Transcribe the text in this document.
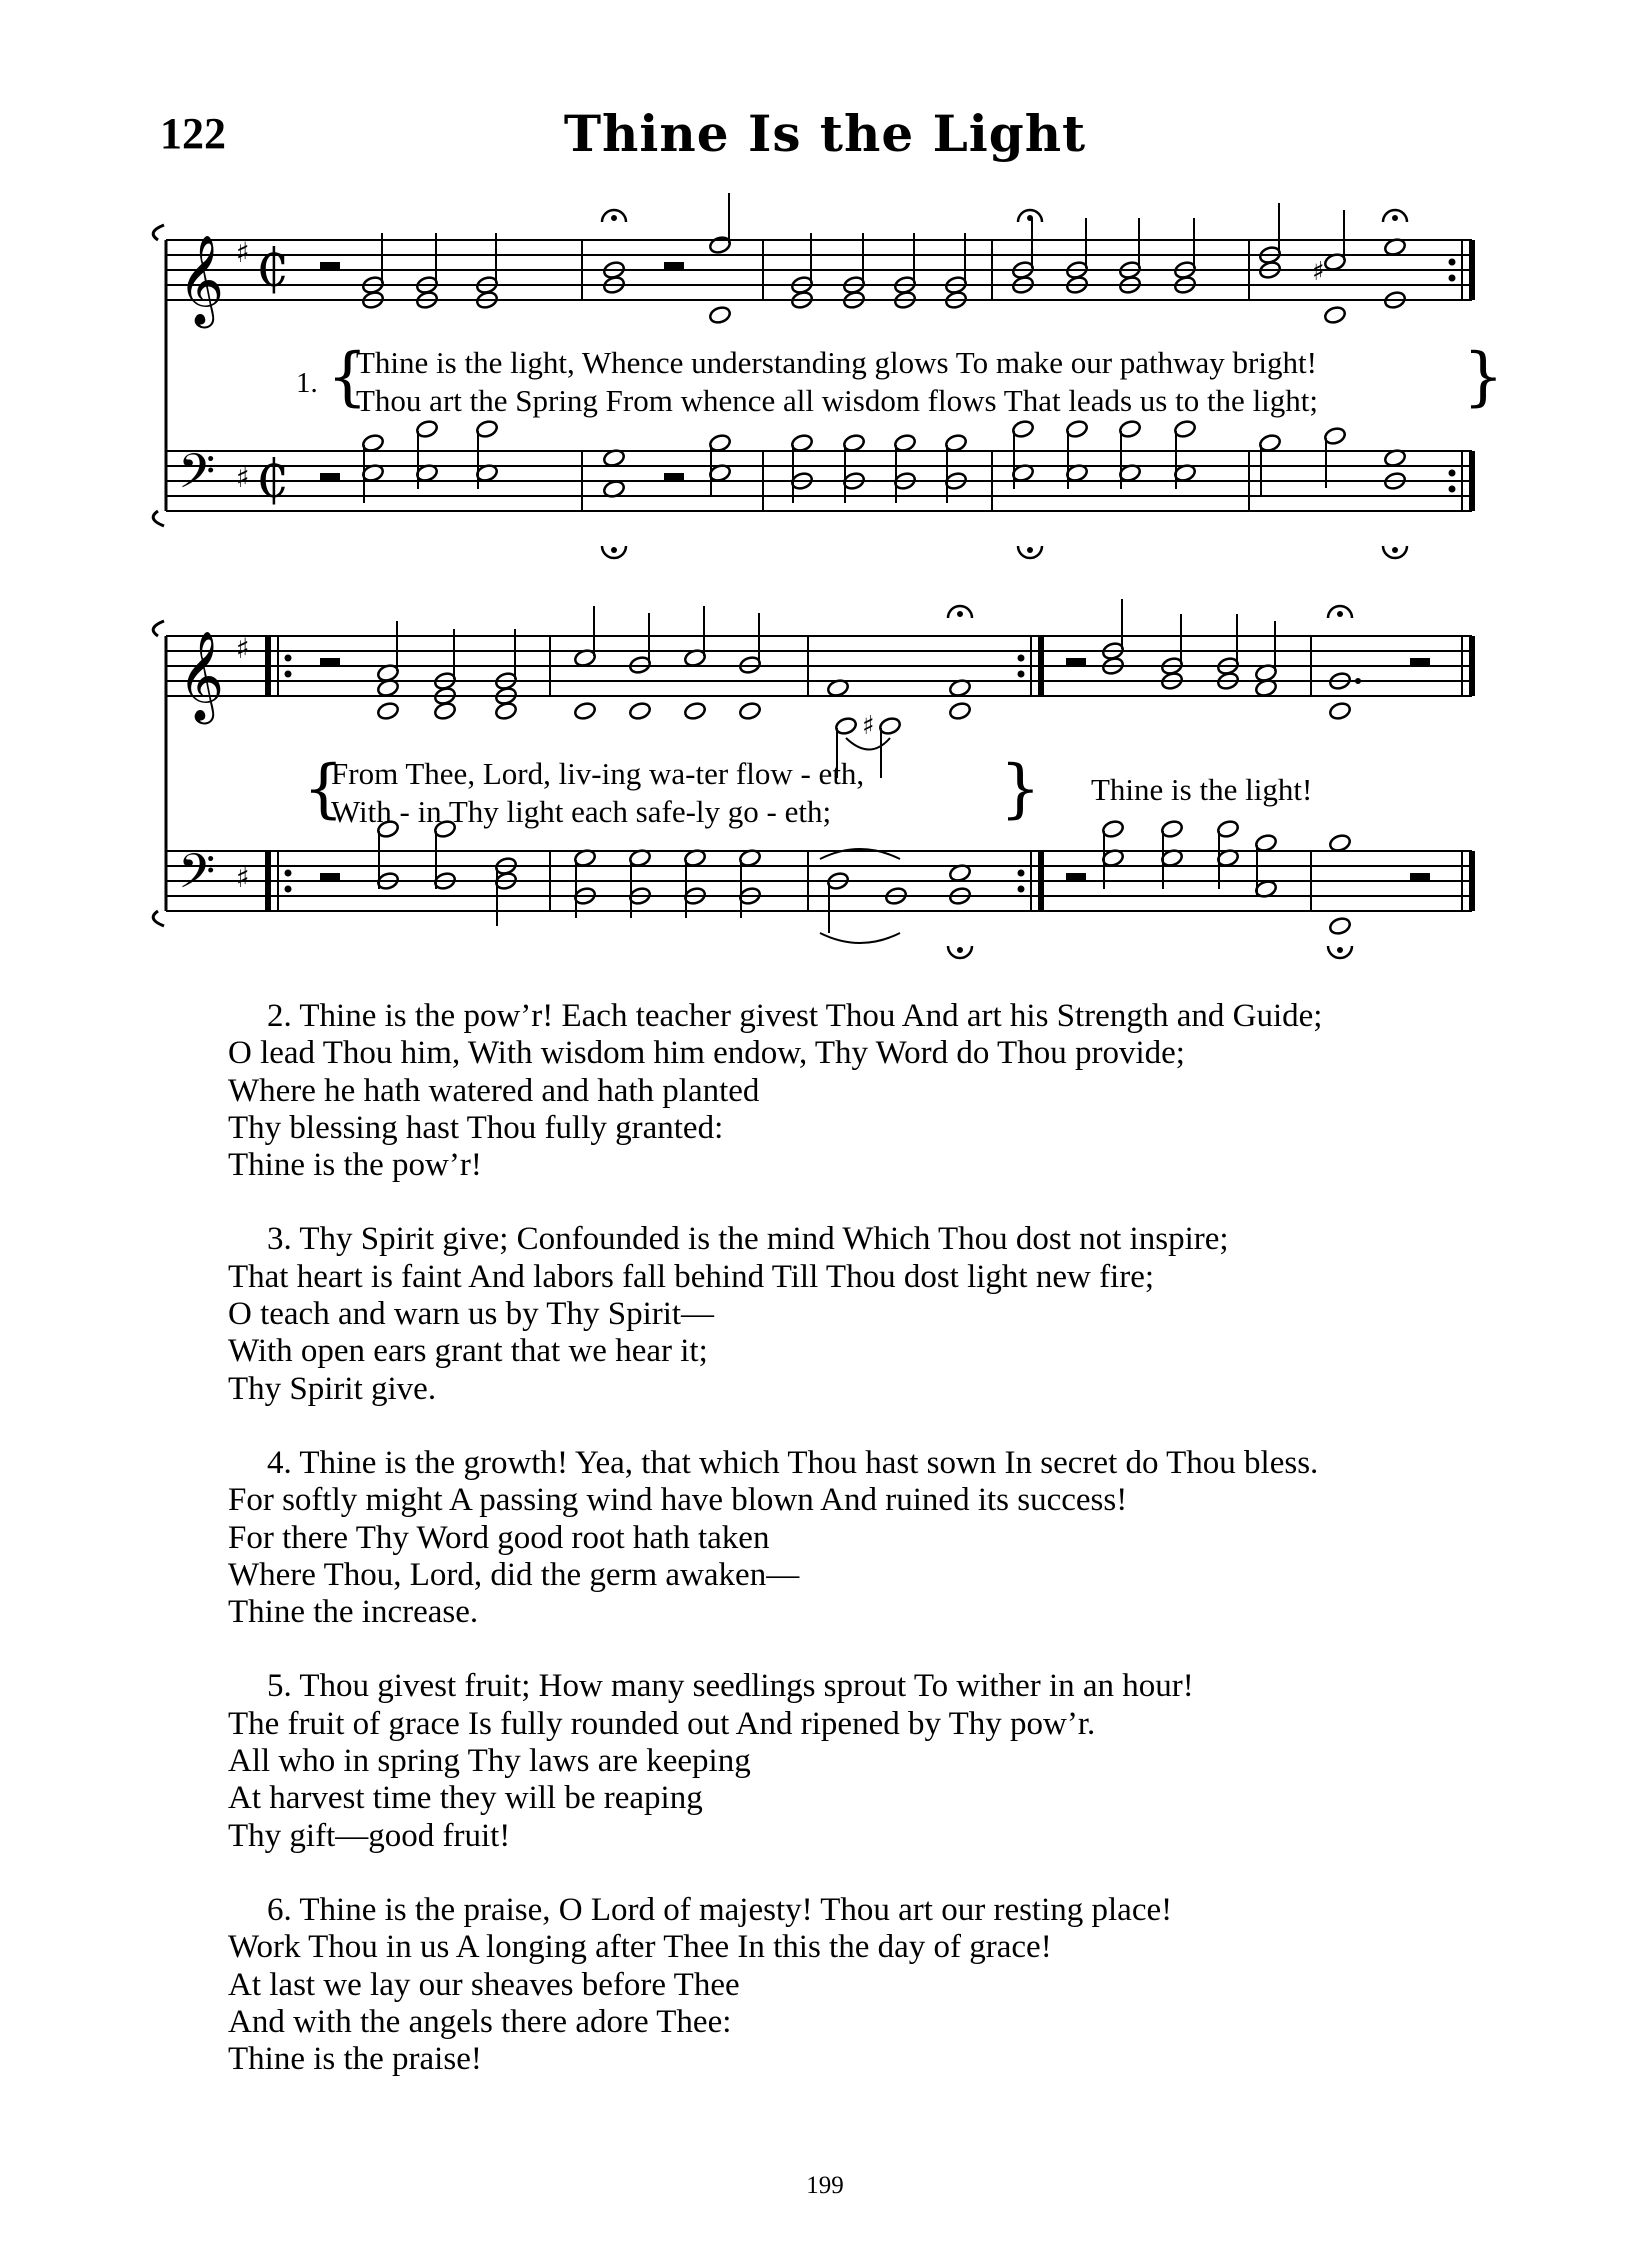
122	Thine Is the Light
𝄞
𝄢
♯
♯
₵
₵
♯
𝄞
𝄢
♯
♯
♯
1. {
Thine is the light, Whence understanding glows To make our pathway bright!
Thou art the Spring From whence all wisdom flows That leads us to the light; }
{
From Thee, Lord, liv-ing wa-ter flow - eth,
With - in Thy light each safe-ly go - eth;	} Thine is the light!
2. Thine is the pow’r! Each teacher givest Thou And art his Strength and Guide;
O lead Thou him, With wisdom him endow, Thy Word do Thou provide;
Where he hath watered and hath planted
Thy blessing hast Thou fully granted:
Thine is the pow’r!
3. Thy Spirit give; Confounded is the mind Which Thou dost not inspire;
That heart is faint And labors fall behind Till Thou dost light new fire;
O teach and warn us by Thy Spirit—
With open ears grant that we hear it;
Thy Spirit give.
4. Thine is the growth! Yea, that which Thou hast sown In secret do Thou bless.
For softly might A passing wind have blown And ruined its success!
For there Thy Word good root hath taken
Where Thou, Lord, did the germ awaken—
Thine the increase.
5. Thou givest fruit; How many seedlings sprout To wither in an hour!
The fruit of grace Is fully rounded out And ripened by Thy pow’r.
All who in spring Thy laws are keeping
At harvest time they will be reaping
Thy gift—good fruit!
6. Thine is the praise, O Lord of majesty! Thou art our resting place!
Work Thou in us A longing after Thee In this the day of grace!
At last we lay our sheaves before Thee
And with the angels there adore Thee:
Thine is the praise!
199
